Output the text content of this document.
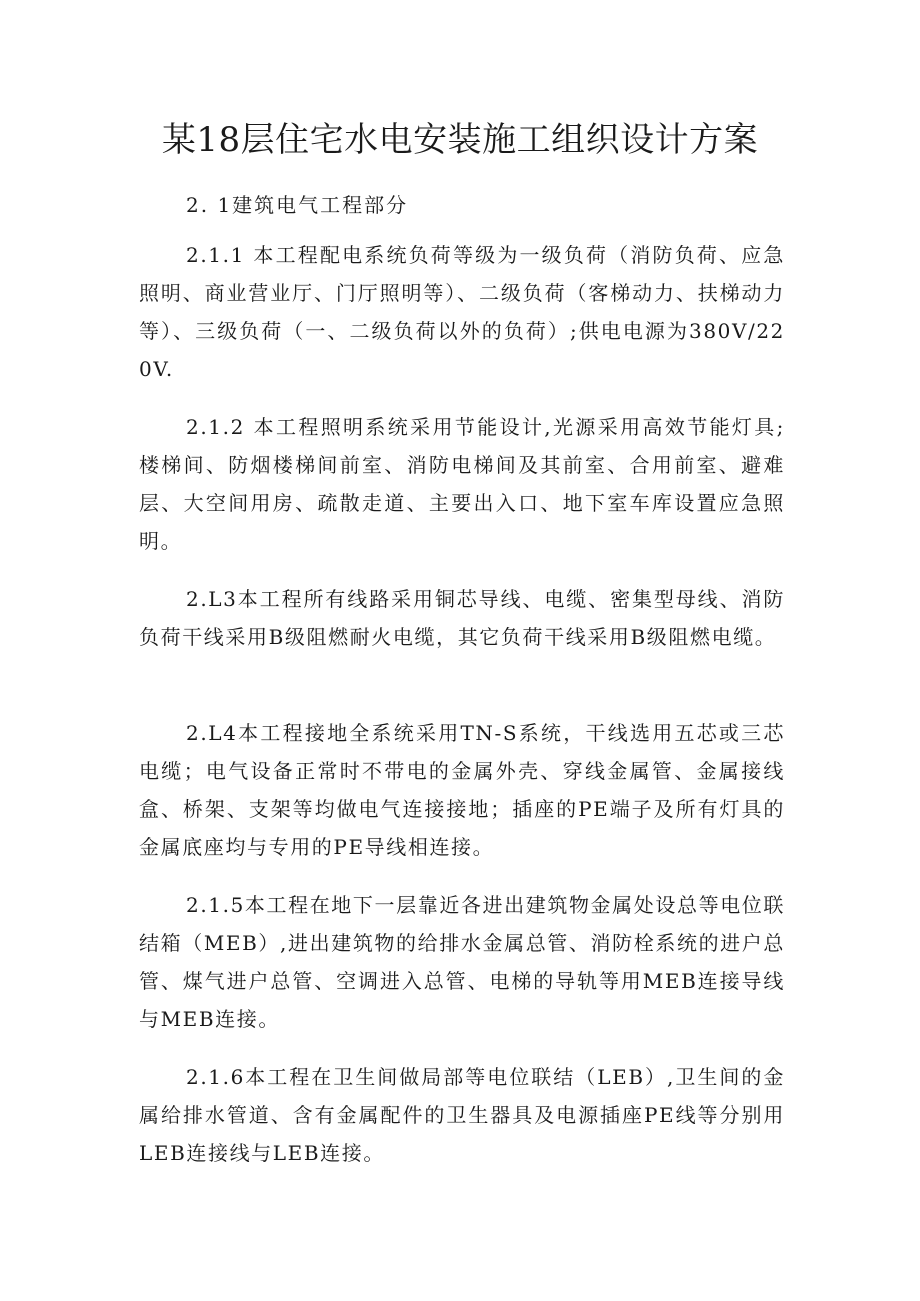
某18层住宅水电安装施工组织设计方案
2. 1建筑电气工程部分

2.1.1 本工程配电系统负荷等级为一级负荷（消防负荷、应急照明、商业营业厅、门厅照明等）、二级负荷（客梯动力、扶梯动力等）、三级负荷（一、二级负荷以外的负荷）;供电电源为380V/220V.

2.1.2 本工程照明系统采用节能设计,光源采用高效节能灯具;楼梯间、防烟楼梯间前室、消防电梯间及其前室、合用前室、避难层、大空间用房、疏散走道、主要出入口、地下室车库设置应急照明。

2.L3本工程所有线路采用铜芯导线、电缆、密集型母线、消防负荷干线采用B级阻燃耐火电缆，其它负荷干线采用B级阻燃电缆。

2.L4本工程接地全系统采用TN-S系统，干线选用五芯或三芯电缆；电气设备正常时不带电的金属外壳、穿线金属管、金属接线盒、桥架、支架等均做电气连接接地；插座的PE端子及所有灯具的金属底座均与专用的PE导线相连接。

2.1.5本工程在地下一层靠近各进出建筑物金属处设总等电位联结箱（MEB）,进出建筑物的给排水金属总管、消防栓系统的进户总管、煤气进户总管、空调进入总管、电梯的导轨等用MEB连接导线与MEB连接。

2.1.6本工程在卫生间做局部等电位联结（LEB）,卫生间的金属给排水管道、含有金属配件的卫生器具及电源插座PE线等分别用LEB连接线与LEB连接。
